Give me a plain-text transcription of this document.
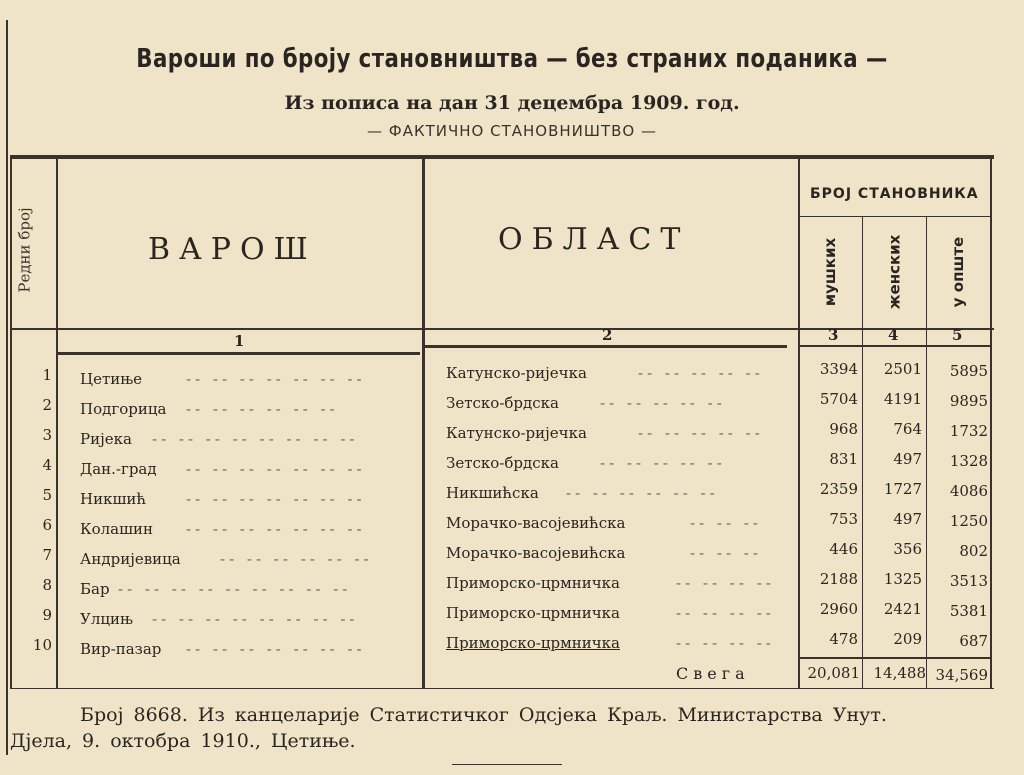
Вароши по броју становништва — без страних поданика —
Из пописа на дан 31 децембра 1909. год.
— ФАКТИЧНО СТАНОВНИШТВО —
Редни број	ВАРОШ	ОБЛАСТ
БРОЈ СТАНОВНИКА
мушких	женских	у опште
1	2	3	4	5
1 Цетиње	-- -- -- -- -- -- --	Катунско-ријечка	-- -- -- -- --	3394	2501	5895
2 Подгорица -- -- -- -- -- --	Зетско-брдска	-- -- -- -- --	5704	4191	9895
3 Ријека -- -- -- -- -- -- -- --	Катунско-ријечка	-- -- -- -- --	968	764	1732
4 Дан.-град -- -- -- -- -- -- --	Зетско-брдска	-- -- -- -- --	831	497	1328
5 Никшић	-- -- -- -- -- -- --	Никшићска -- -- -- -- -- --	2359	1727	4086
6 Колашин -- -- -- -- -- -- --	Морачко-васојевићска	-- -- --	753	497	1250
7 Андријевица	-- -- -- -- -- --	Морачко-васојевићска	-- -- --	446	356	802
8 Бар -- -- -- -- -- -- -- -- --	Приморско-црмничка	-- -- -- --	2188	1325	3513
9 Улцињ -- -- -- -- -- -- -- --	Приморско-црмничка	-- -- -- --	2960	2421	5381
10 Вир-пазар -- -- -- -- -- -- --	Приморско-црмничка	-- -- -- --	478	209	687
Свега	20,081 14,488 34,569
Број 8668. Из канцеларије Статистичког Одсјека Краљ. Министарства Унут.
Дјела, 9. октобра 1910., Цетиње.
